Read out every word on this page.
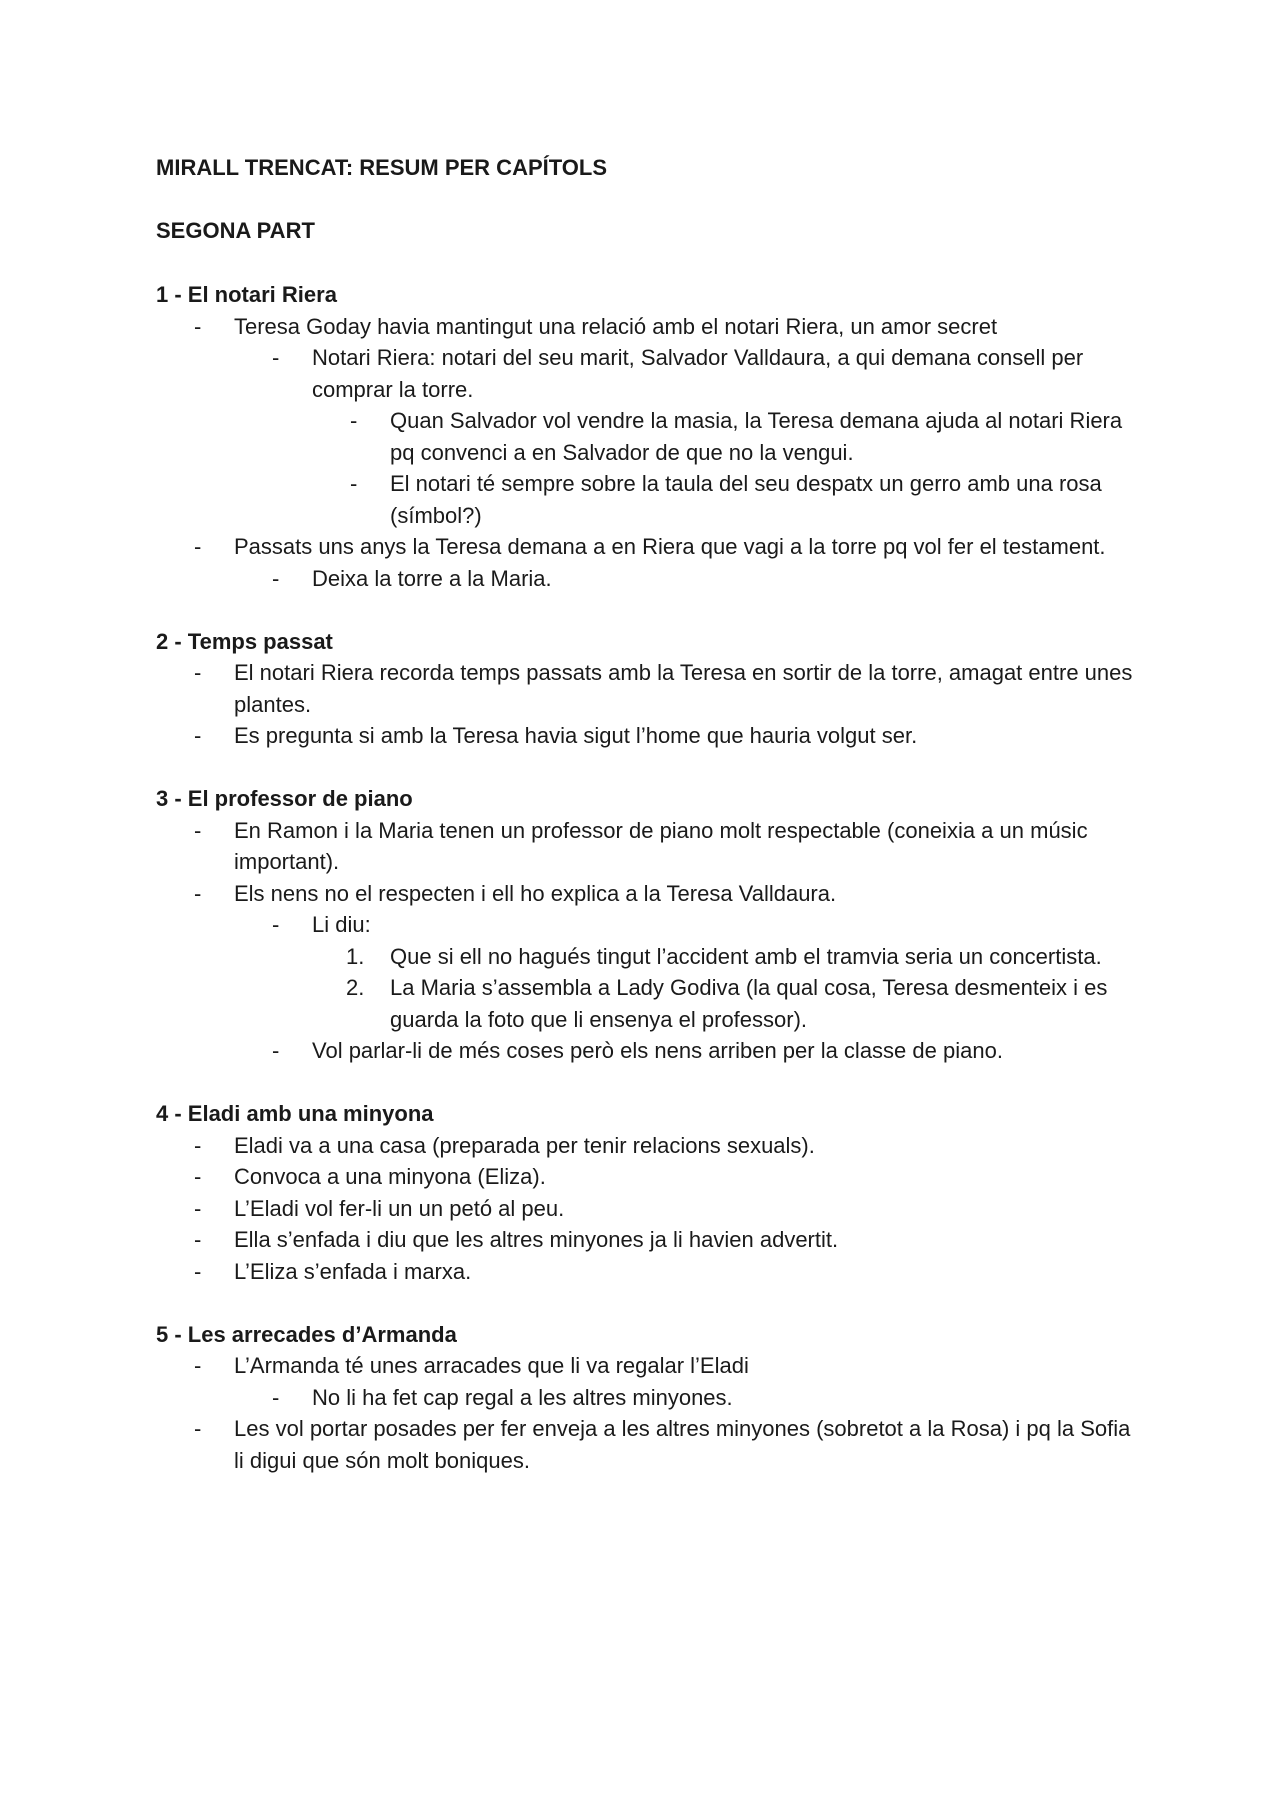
MIRALL TRENCAT: RESUM PER CAPÍTOLS
SEGONA PART
1 - El notari Riera
- Teresa Goday havia mantingut una relació amb el notari Riera, un amor secret
- Notari Riera: notari del seu marit, Salvador Valldaura, a qui demana consell per comprar la torre.
- Quan Salvador vol vendre la masia, la Teresa demana ajuda al notari Riera pq convenci a en Salvador de que no la vengui.
- El notari té sempre sobre la taula del seu despatx un gerro amb una rosa (símbol?)
- Passats uns anys la Teresa demana a en Riera que vagi a la torre pq vol fer el testament.
- Deixa la torre a la Maria.
2 - Temps passat
- El notari Riera recorda temps passats amb la Teresa en sortir de la torre, amagat entre unes plantes.
- Es pregunta si amb la Teresa havia sigut l’home que hauria volgut ser.
3 - El professor de piano
- En Ramon i la Maria tenen un professor de piano molt respectable (coneixia a un músic important).
- Els nens no el respecten i ell ho explica a la Teresa Valldaura.
- Li diu:
1. Que si ell no hagués tingut l’accident amb el tramvia seria un concertista.
2. La Maria s’assembla a Lady Godiva (la qual cosa, Teresa desmenteix i es guarda la foto que li ensenya el professor).
- Vol parlar-li de més coses però els nens arriben per la classe de piano.
4 - Eladi amb una minyona
- Eladi va a una casa (preparada per tenir relacions sexuals).
- Convoca a una minyona (Eliza).
- L’Eladi vol fer-li un un petó al peu.
- Ella s’enfada i diu que les altres minyones ja li havien advertit.
- L’Eliza s’enfada i marxa.
5 - Les arrecades d’Armanda
- L’Armanda té unes arracades que li va regalar l’Eladi
- No li ha fet cap regal a les altres minyones.
- Les vol portar posades per fer enveja a les altres minyones (sobretot a la Rosa) i pq la Sofia li digui que són molt boniques.
